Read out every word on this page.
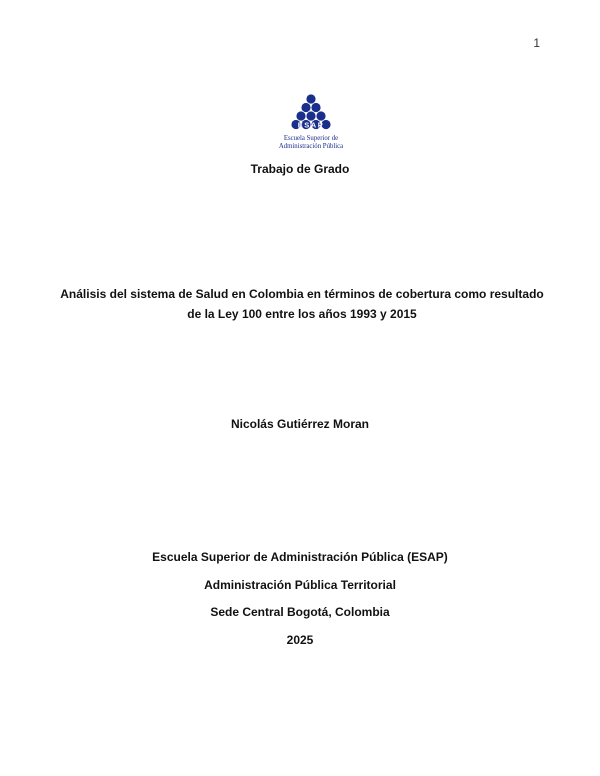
1
ESAP
Escuela Superior de
Administración Pública
Trabajo de Grado
Análisis del sistema de Salud en Colombia en términos de cobertura como resultado de la Ley 100 entre los años 1993 y 2015
Nicolás Gutiérrez Moran
Escuela Superior de Administración Pública (ESAP)
Administración Pública Territorial
Sede Central Bogotá, Colombia
2025
